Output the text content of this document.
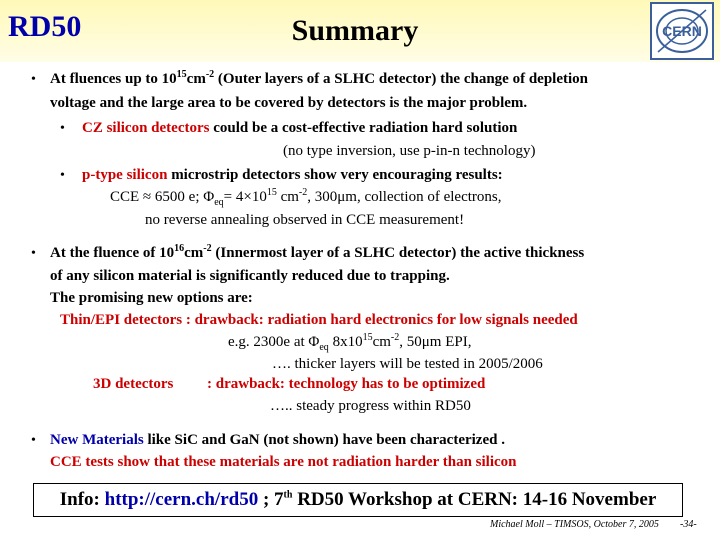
RD50	Summary	CERN
• At fluences up to $10^{15}cm^{-2}$ (Outer layers of a SLHC detector) the change of depletion
voltage and the large area to be covered by detectors is the major problem.
• CZ silicon detectors could be a cost-effective radiation hard solution
(no type inversion, use p-in-n technology)
• p-type silicon microstrip detectors show very encouraging results:
CCE ≈ 6500 e; $\Phi_{eq}= 4\times 10^{15}$ $cm^{-2}$, 300μm, collection of electrons,
no reverse annealing observed in CCE measurement!
• At the fluence of $10^{16}cm^{-2}$ (Innermost layer of a SLHC detector) the active thickness
of any silicon material is significantly reduced due to trapping.
The promising new options are:
Thin/EPI detectors : drawback: radiation hard electronics for low signals needed
e.g. 2300e at $\Phi_{eq}$ $8x10^{15}cm^{-2}$, 50μm EPI,
…. thicker layers will be tested in 2005/2006
3D detectors : drawback: technology has to be optimized
….. steady progress within RD50
• New Materials like SiC and GaN (not shown) have been characterized .
CCE tests show that these materials are not radiation harder than silicon
Info: http://cern.ch/rd50 ; 7th RD50 Workshop at CERN: 14-16 November
Michael Moll – TIMSOS, October 7, 2005 -34-
